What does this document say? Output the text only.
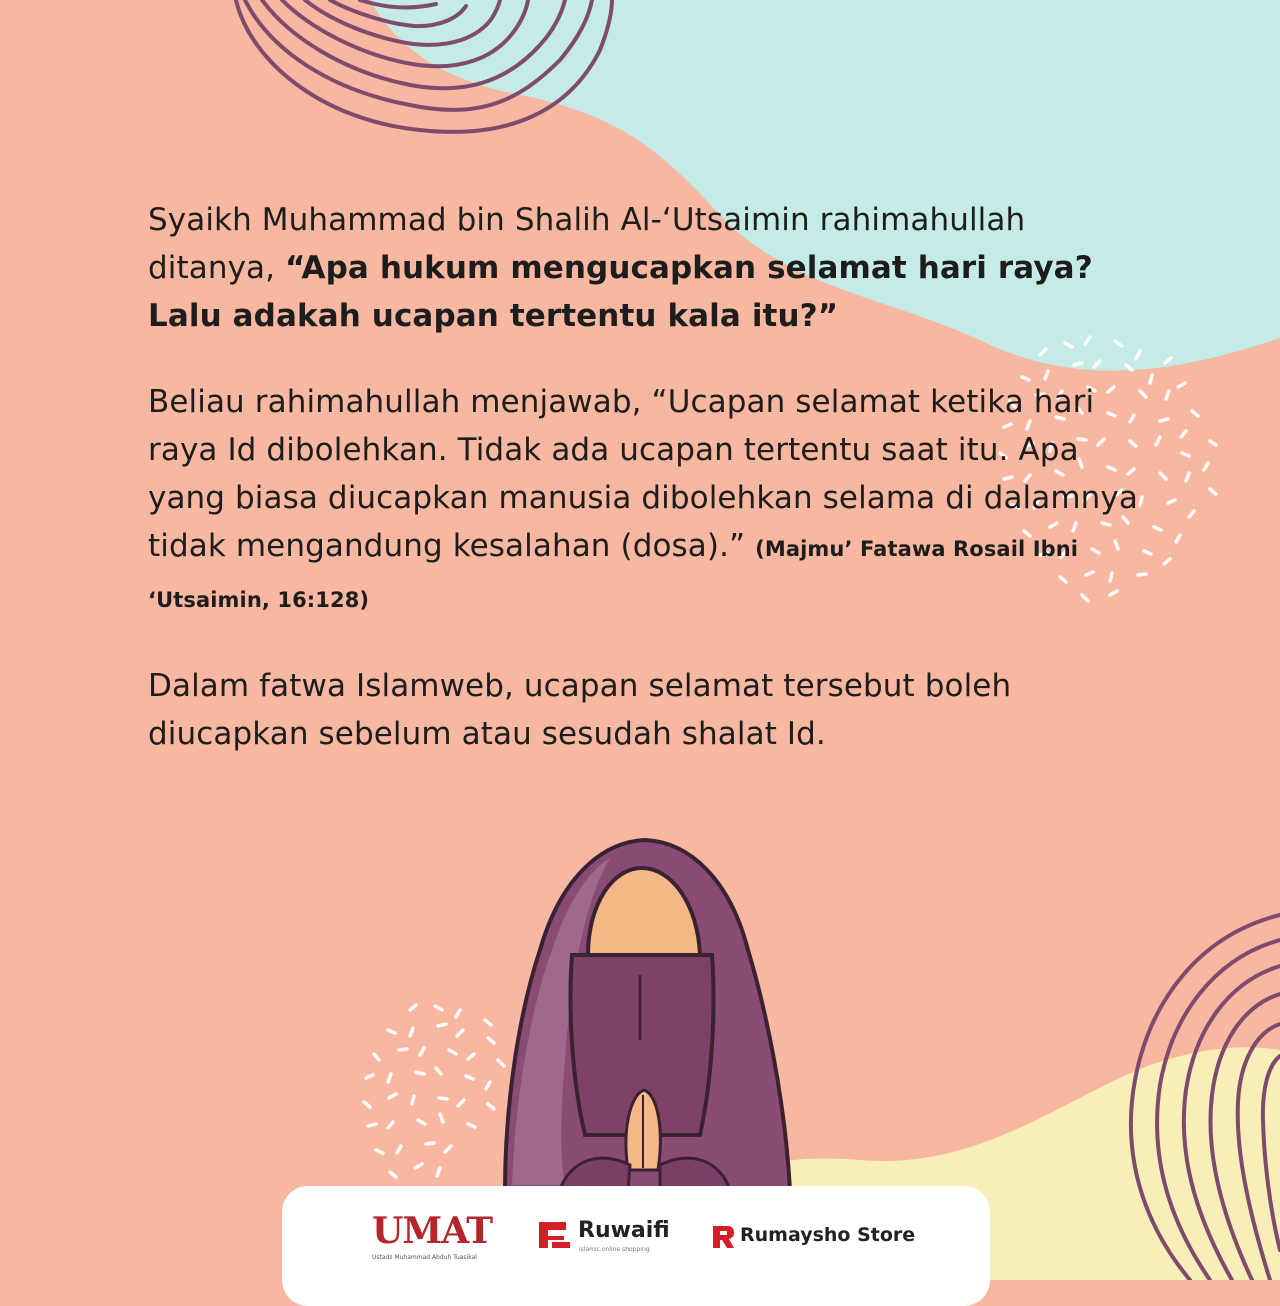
Syaikh Muhammad bin Shalih Al-‘Utsaimin rahimahullah ditanya, “Apa hukum mengucapkan selamat hari raya? Lalu adakah ucapan tertentu kala itu?”

Beliau rahimahullah menjawab, “Ucapan selamat ketika hari raya Id dibolehkan. Tidak ada ucapan tertentu saat itu. Apa yang biasa diucapkan manusia dibolehkan selama di dalamnya tidak mengandung kesalahan (dosa).” (Majmu’ Fatawa Rosail Ibni ‘Utsaimin, 16:128)

Dalam fatwa Islamweb, ucapan selamat tersebut boleh diucapkan sebelum atau sesudah shalat Id.

UMAT
Ustadz Muhammad Abduh Tuasikal
Ruwaifi
islamic.online.shopping
Rumaysho Store
